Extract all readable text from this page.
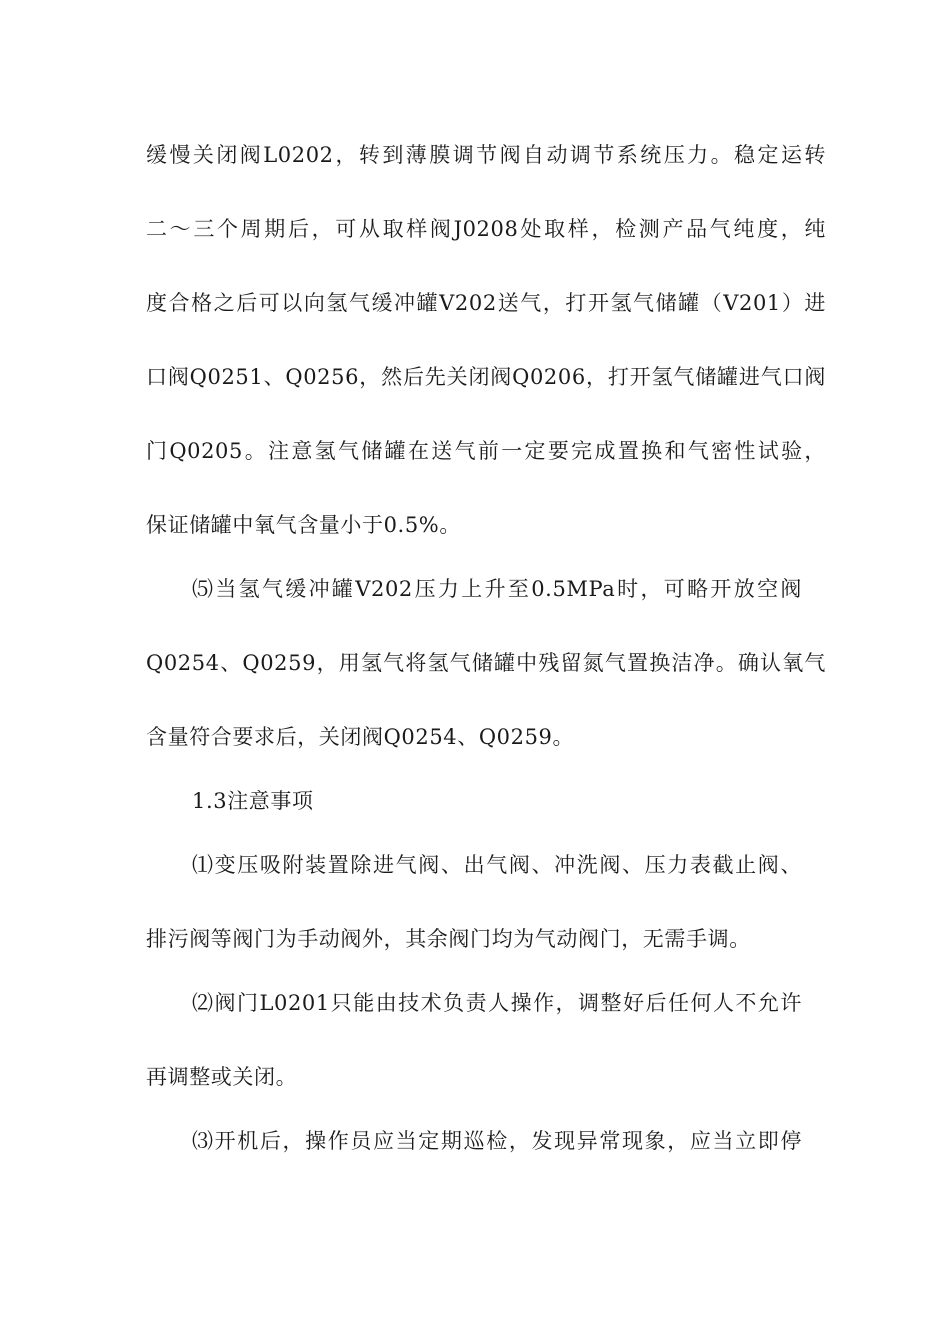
缓慢关闭阀L0202，转到薄膜调节阀自动调节系统压力。稳定运转
二～三个周期后，可从取样阀J0208处取样，检测产品气纯度，纯
度合格之后可以向氢气缓冲罐V202送气，打开氢气储罐（V201）进
口阀Q0251、Q0256，然后先关闭阀Q0206，打开氢气储罐进气口阀
门Q0205。注意氢气储罐在送气前一定要完成置换和气密性试验，
保证储罐中氧气含量小于0.5%。
⑸当氢气缓冲罐V202压力上升至0.5MPa时，可略开放空阀
Q0254、Q0259，用氢气将氢气储罐中残留氮气置换洁净。确认氧气
含量符合要求后，关闭阀Q0254、Q0259。
1.3注意事项
⑴变压吸附装置除进气阀、出气阀、冲洗阀、压力表截止阀、
排污阀等阀门为手动阀外，其余阀门均为气动阀门，无需手调。
⑵阀门L0201只能由技术负责人操作，调整好后任何人不允许
再调整或关闭。
⑶开机后，操作员应当定期巡检，发现异常现象，应当立即停
